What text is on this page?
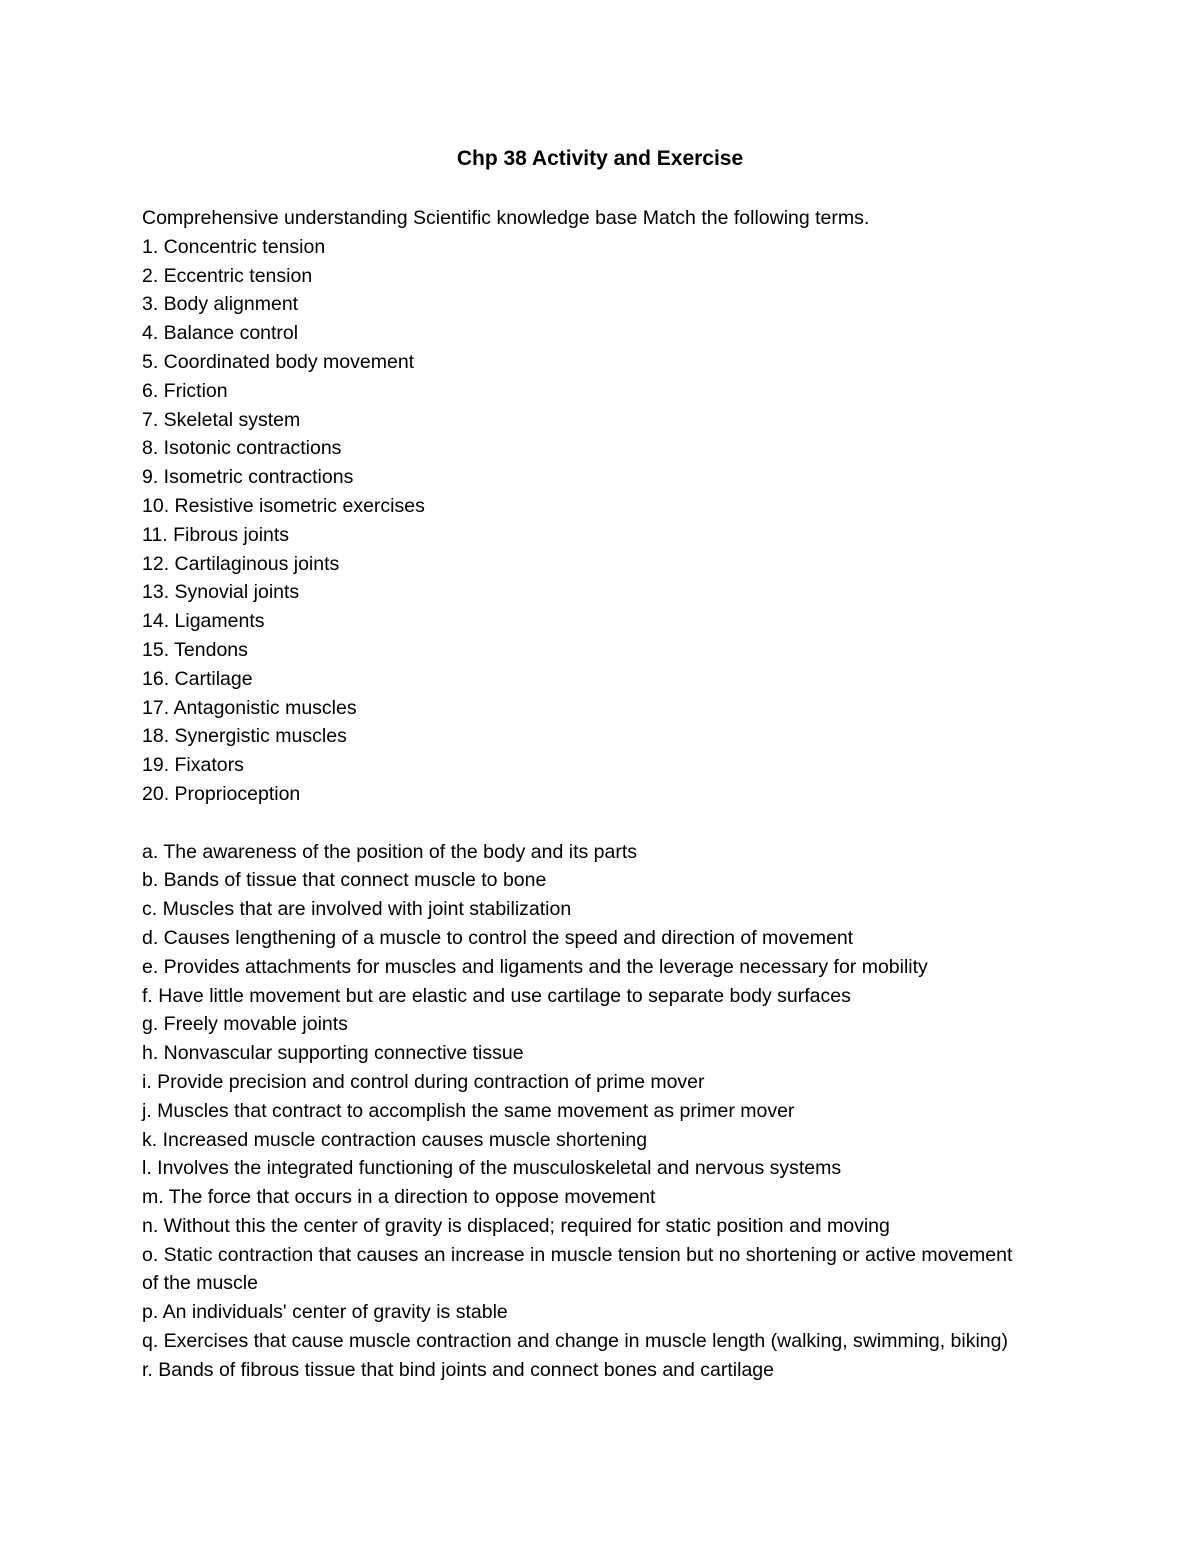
Chp 38 Activity and Exercise

Comprehensive understanding Scientific knowledge base Match the following terms.

1. Concentric tension
2. Eccentric tension
3. Body alignment
4. Balance control
5. Coordinated body movement
6. Friction
7. Skeletal system
8. Isotonic contractions
9. Isometric contractions
10. Resistive isometric exercises
11. Fibrous joints
12. Cartilaginous joints
13. Synovial joints
14. Ligaments
15. Tendons
16. Cartilage
17. Antagonistic muscles
18. Synergistic muscles
19. Fixators
20. Proprioception
a. The awareness of the position of the body and its parts
b. Bands of tissue that connect muscle to bone
c. Muscles that are involved with joint stabilization
d. Causes lengthening of a muscle to control the speed and direction of movement
e. Provides attachments for muscles and ligaments and the leverage necessary for mobility
f. Have little movement but are elastic and use cartilage to separate body surfaces
g. Freely movable joints
h. Nonvascular supporting connective tissue
i. Provide precision and control during contraction of prime mover
j. Muscles that contract to accomplish the same movement as primer mover
k. Increased muscle contraction causes muscle shortening
l. Involves the integrated functioning of the musculoskeletal and nervous systems
m. The force that occurs in a direction to oppose movement
n. Without this the center of gravity is displaced; required for static position and moving
o. Static contraction that causes an increase in muscle tension but no shortening or active movement of the muscle
p. An individuals' center of gravity is stable
q. Exercises that cause muscle contraction and change in muscle length (walking, swimming, biking)
r. Bands of fibrous tissue that bind joints and connect bones and cartilage
